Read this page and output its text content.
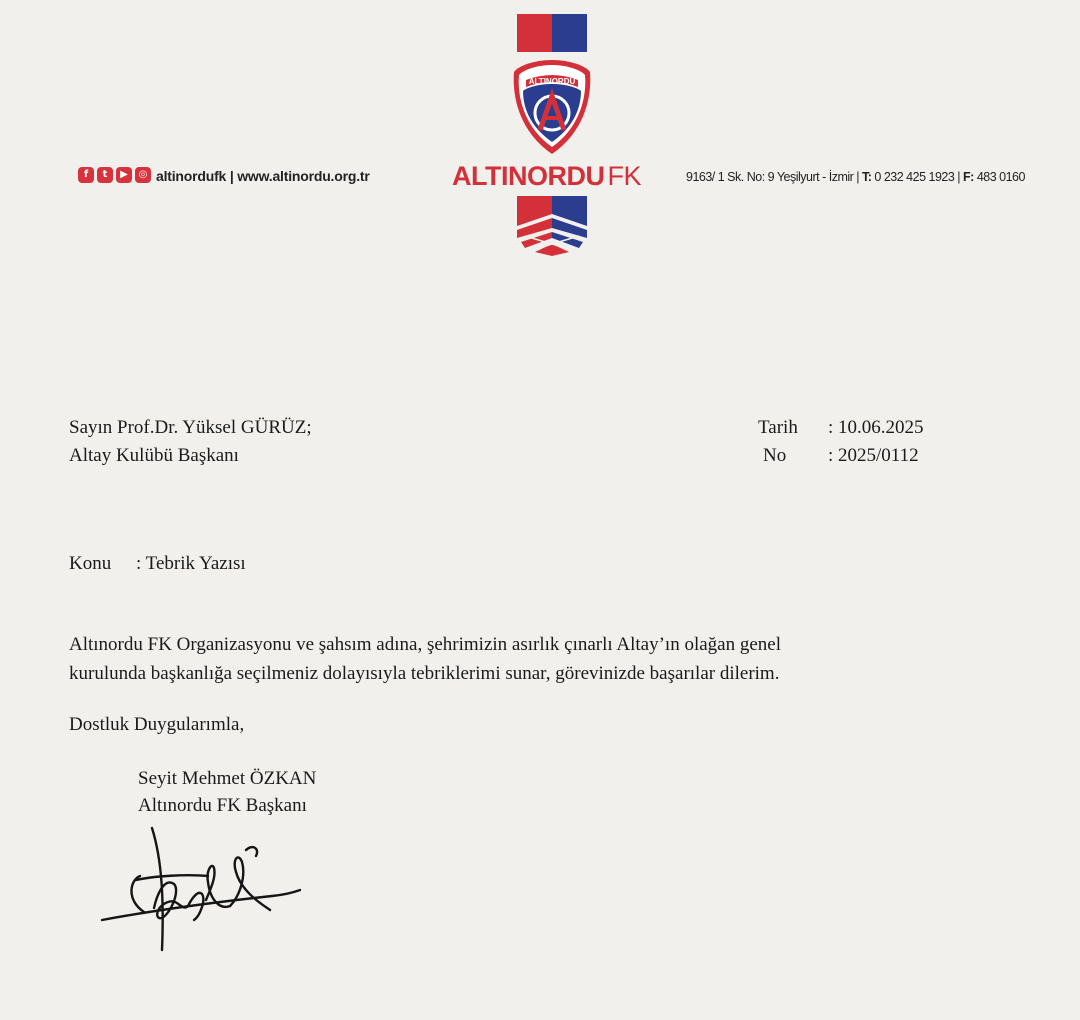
f	t	▶	◎ altinordufk | www.altinordu.org.tr
ALTINORDU
ALTINORDU FK	9163/ 1 Sk. No: 9 Yeşilyurt - İzmir | T: 0 232 425 1923 | F: 483 0160
Sayın Prof.Dr. Yüksel GÜRÜZ;
Altay Kulübü Başkanı
Tarih : 10.06.2025
No : 2025/0112
Konu : Tebrik Yazısı
Altınordu FK Organizasyonu ve şahsım adına, şehrimizin asırlık çınarlı Altay’ın olağan genel
kurulunda başkanlığa seçilmeniz dolayısıyla tebriklerimi sunar, görevinizde başarılar dilerim.
Dostluk Duygularımla,
Seyit Mehmet ÖZKAN
Altınordu FK Başkanı
